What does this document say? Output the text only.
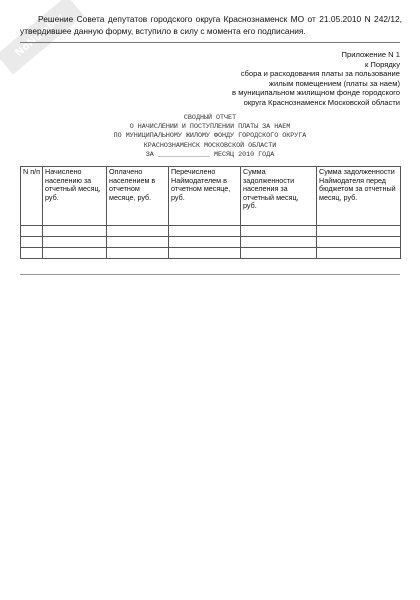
NoNumber
Решение Совета депутатов городского округа Краснознаменск МО от 21.05.2010 N 242/12, утвердившее данную форму, вступило в силу с момента его подписания.
Приложение N 1
к Порядку
сбора и расходования платы за пользование
жилым помещением (платы за наем)
в муниципальном жилищном фонде городского
округа Краснознаменск Московской области
СВОДНЫЙ ОТЧЕТ
О НАЧИСЛЕНИИ И ПОСТУПЛЕНИИ ПЛАТЫ ЗА НАЕМ
ПО МУНИЦИПАЛЬНОМУ ЖИЛОМУ ФОНДУ ГОРОДСКОГО ОКРУГА
КРАСНОЗНАМЕНСК МОСКОВСКОЙ ОБЛАСТИ
ЗА _____________ МЕСЯЦ 2010 ГОДА
N п/п	Начислено населению за отчетный месяц, руб.	Оплачено населением в отчетном месяце, руб.	Перечислено Наймодателем в отчетном месяце, руб.	Сумма задолженности населения за отчетный месяц, руб.	Сумма задолженности Наймодателя перед бюджетом за отчетный месяц, руб.
